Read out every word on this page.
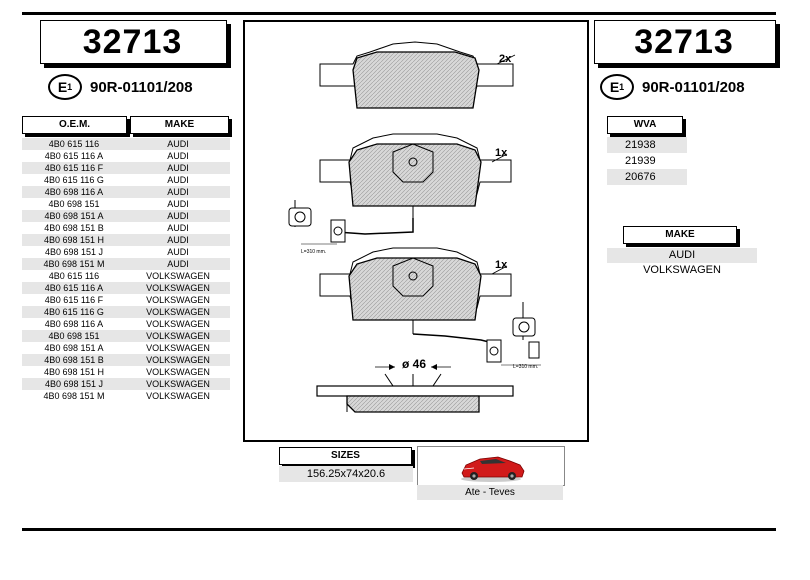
32713	32713
E 1 90R-01101/208	E 1 90R-01101/208
O.E.M.	MAKE
4B0 615 116	AUDI
4B0 615 116 A	AUDI
4B0 615 116 F	AUDI
4B0 615 116 G	AUDI
4B0 698 116 A	AUDI
4B0 698 151	AUDI
4B0 698 151 A	AUDI
4B0 698 151 B	AUDI
4B0 698 151 H	AUDI
4B0 698 151 J	AUDI
4B0 698 151 M	AUDI
4B0 615 116	VOLKSWAGEN
4B0 615 116 A	VOLKSWAGEN
4B0 615 116 F	VOLKSWAGEN
4B0 615 116 G	VOLKSWAGEN
4B0 698 116 A	VOLKSWAGEN
4B0 698 151	VOLKSWAGEN
4B0 698 151 A	VOLKSWAGEN
4B0 698 151 B	VOLKSWAGEN
4B0 698 151 H	VOLKSWAGEN
4B0 698 151 J	VOLKSWAGEN
4B0 698 151 M	VOLKSWAGEN
WVA
21938
21939
20676
MAKE
AUDI
VOLKSWAGEN
2x
L=310 mm.
1x
L=310 mm.
1x
ø 46
SIZES
156.25x74x20.6
Ate - Teves
